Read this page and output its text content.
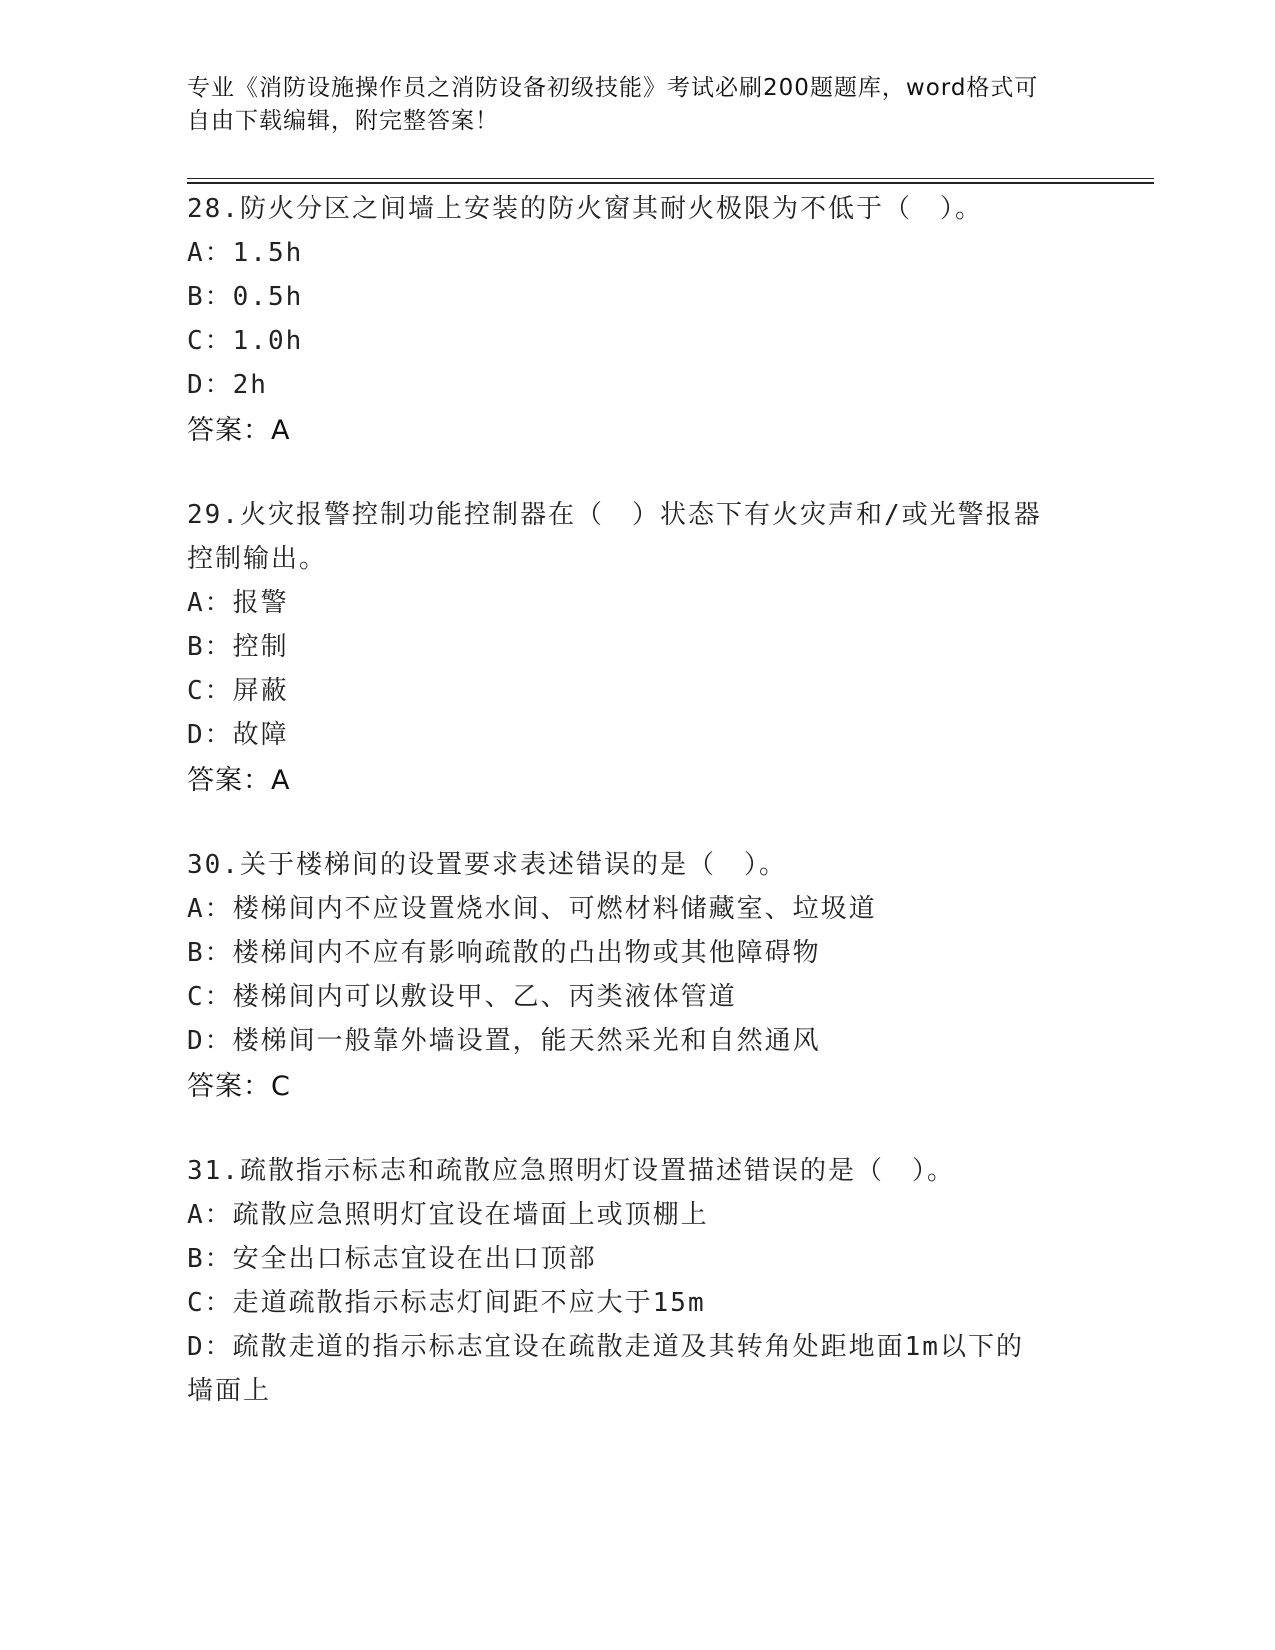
专业《消防设施操作员之消防设备初级技能》考试必刷200题题库，word格式可
自由下载编辑，附完整答案！
28.防火分区之间墙上安装的防火窗其耐火极限为不低于（　）。
A：1.5h
B：0.5h
C：1.0h
D：2h
答案：A
29.火灾报警控制功能控制器在（　）状态下有火灾声和/或光警报器
控制输出。
A：报警
B：控制
C：屏蔽
D：故障
答案：A
30.关于楼梯间的设置要求表述错误的是（　）。
A：楼梯间内不应设置烧水间、可燃材料储藏室、垃圾道
B：楼梯间内不应有影响疏散的凸出物或其他障碍物
C：楼梯间内可以敷设甲、乙、丙类液体管道
D：楼梯间一般靠外墙设置，能天然采光和自然通风
答案：C
31.疏散指示标志和疏散应急照明灯设置描述错误的是（　）。
A：疏散应急照明灯宜设在墙面上或顶棚上
B：安全出口标志宜设在出口顶部
C：走道疏散指示标志灯间距不应大于15m
D：疏散走道的指示标志宜设在疏散走道及其转角处距地面1m以下的
墙面上
